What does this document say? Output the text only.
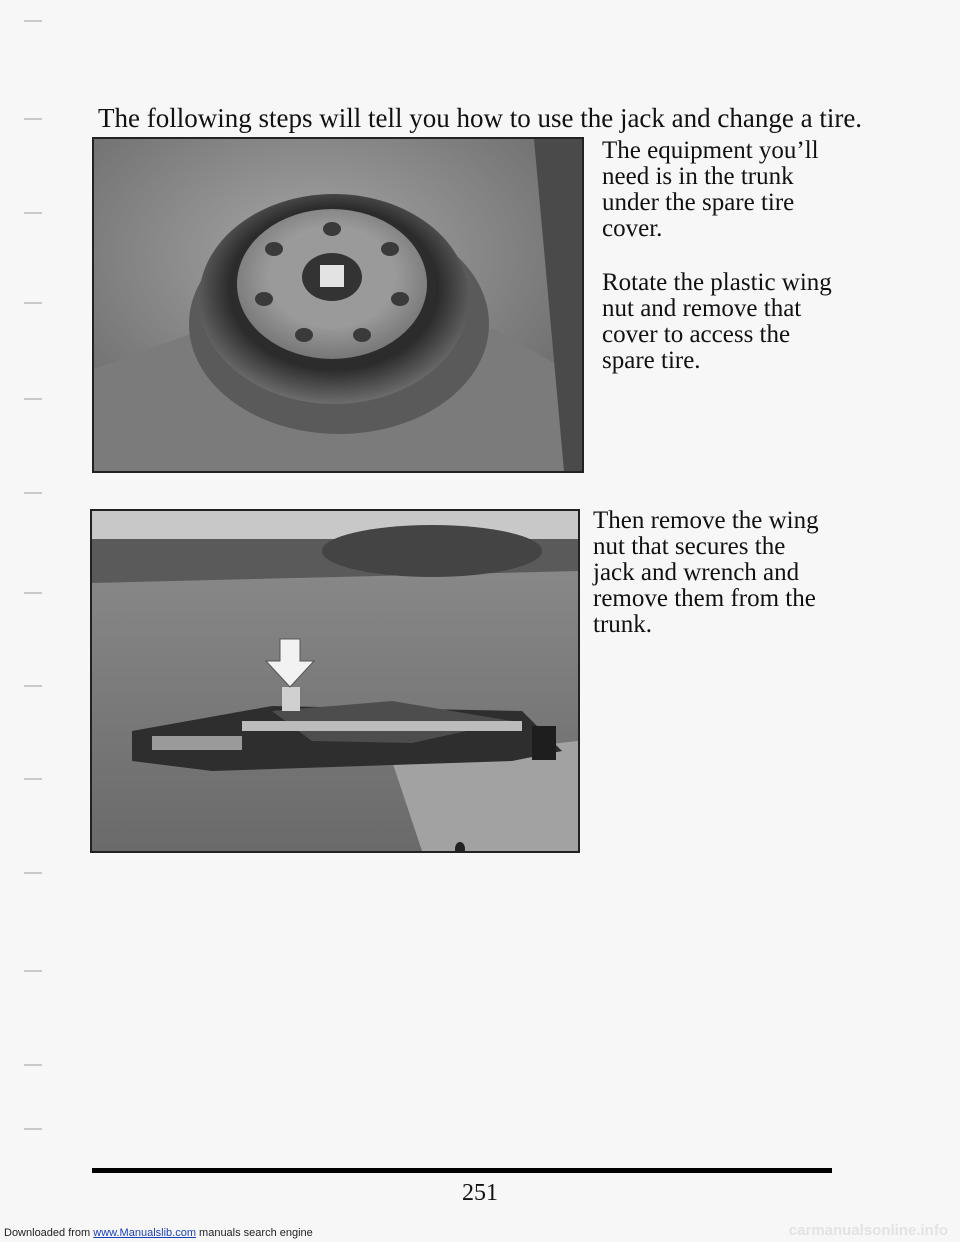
The following steps will tell you how to use the jack and change a tire.
The equipment you’ll need is in the trunk under the spare tire cover.
Rotate the plastic wing nut and remove that cover to access the spare tire.
Then remove the wing nut that secures the jack and wrench and remove them from the trunk.
251
Downloaded from www.Manualslib.com manuals search engine	carmanualsonline.info
